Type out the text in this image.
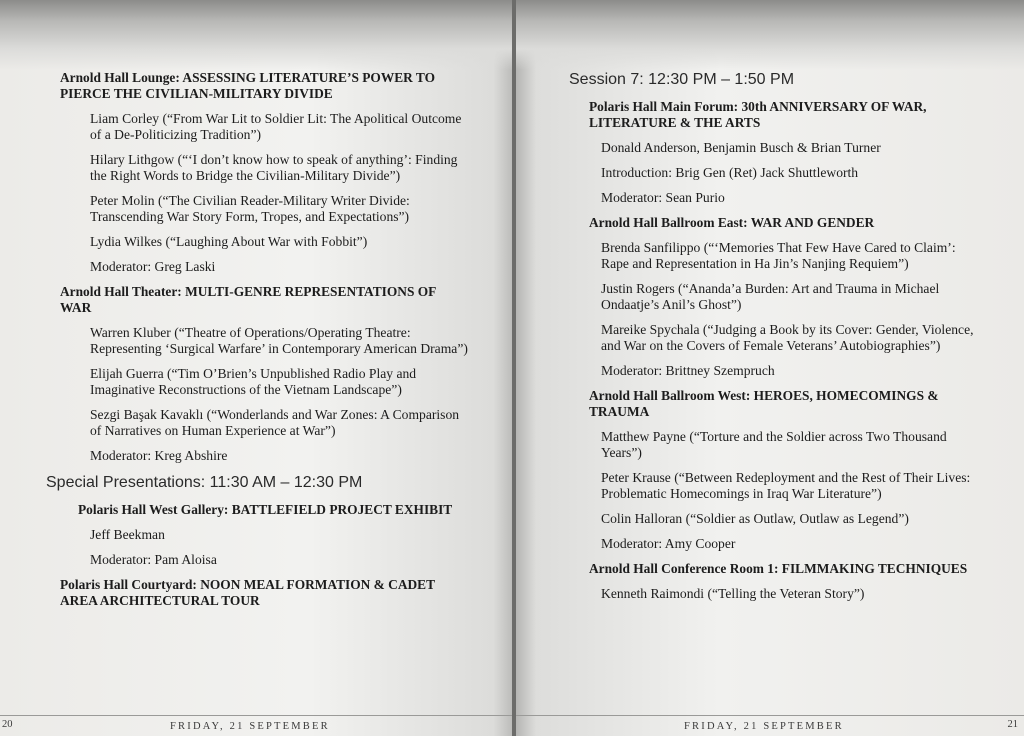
Arnold Hall Lounge: ASSESSING LITERATURE’S POWER TO PIERCE THE CIVILIAN-MILITARY DIVIDE
Liam Corley (“From War Lit to Soldier Lit: The Apolitical Outcome of a De-Politicizing Tradition”)
Hilary Lithgow (“‘I don’t know how to speak of anything’: Finding the Right Words to Bridge the Civilian-Military Divide”)
Peter Molin (“The Civilian Reader-Military Writer Divide: Transcending War Story Form, Tropes, and Expectations”)
Lydia Wilkes (“Laughing About War with Fobbit”)
Moderator: Greg Laski
Arnold Hall Theater: MULTI-GENRE REPRESENTATIONS OF WAR
Warren Kluber (“Theatre of Operations/Operating Theatre: Representing ‘Surgical Warfare’ in Contemporary American Drama”)
Elijah Guerra (“Tim O’Brien’s Unpublished Radio Play and Imaginative Reconstructions of the Vietnam Landscape”)
Sezgi Başak Kavaklı (“Wonderlands and War Zones: A Comparison of Narratives on Human Experience at War”)
Moderator: Kreg Abshire
Special Presentations: 11:30 AM – 12:30 PM
Polaris Hall West Gallery: BATTLEFIELD PROJECT EXHIBIT
Jeff Beekman
Moderator: Pam Aloisa
Polaris Hall Courtyard: NOON MEAL FORMATION & CADET AREA ARCHITECTURAL TOUR
20	FRIDAY, 21 SEPTEMBER
Session 7: 12:30 PM – 1:50 PM
Polaris Hall Main Forum: 30th ANNIVERSARY OF WAR, LITERATURE & THE ARTS
Donald Anderson, Benjamin Busch & Brian Turner
Introduction: Brig Gen (Ret) Jack Shuttleworth
Moderator: Sean Purio
Arnold Hall Ballroom East: WAR AND GENDER
Brenda Sanfilippo (“‘Memories That Few Have Cared to Claim’: Rape and Representation in Ha Jin’s Nanjing Requiem”)
Justin Rogers (“Ananda’a Burden: Art and Trauma in Michael Ondaatje’s Anil’s Ghost”)
Mareike Spychala (“Judging a Book by its Cover: Gender, Violence, and War on the Covers of Female Veterans’ Autobiographies”)
Moderator: Brittney Szempruch
Arnold Hall Ballroom West: HEROES, HOMECOMINGS & TRAUMA
Matthew Payne (“Torture and the Soldier across Two Thousand Years”)
Peter Krause (“Between Redeployment and the Rest of Their Lives: Problematic Homecomings in Iraq War Literature”)
Colin Halloran (“Soldier as Outlaw, Outlaw as Legend”)
Moderator: Amy Cooper
Arnold Hall Conference Room 1: FILMMAKING TECHNIQUES
Kenneth Raimondi (“Telling the Veteran Story”)
FRIDAY, 21 SEPTEMBER	21
